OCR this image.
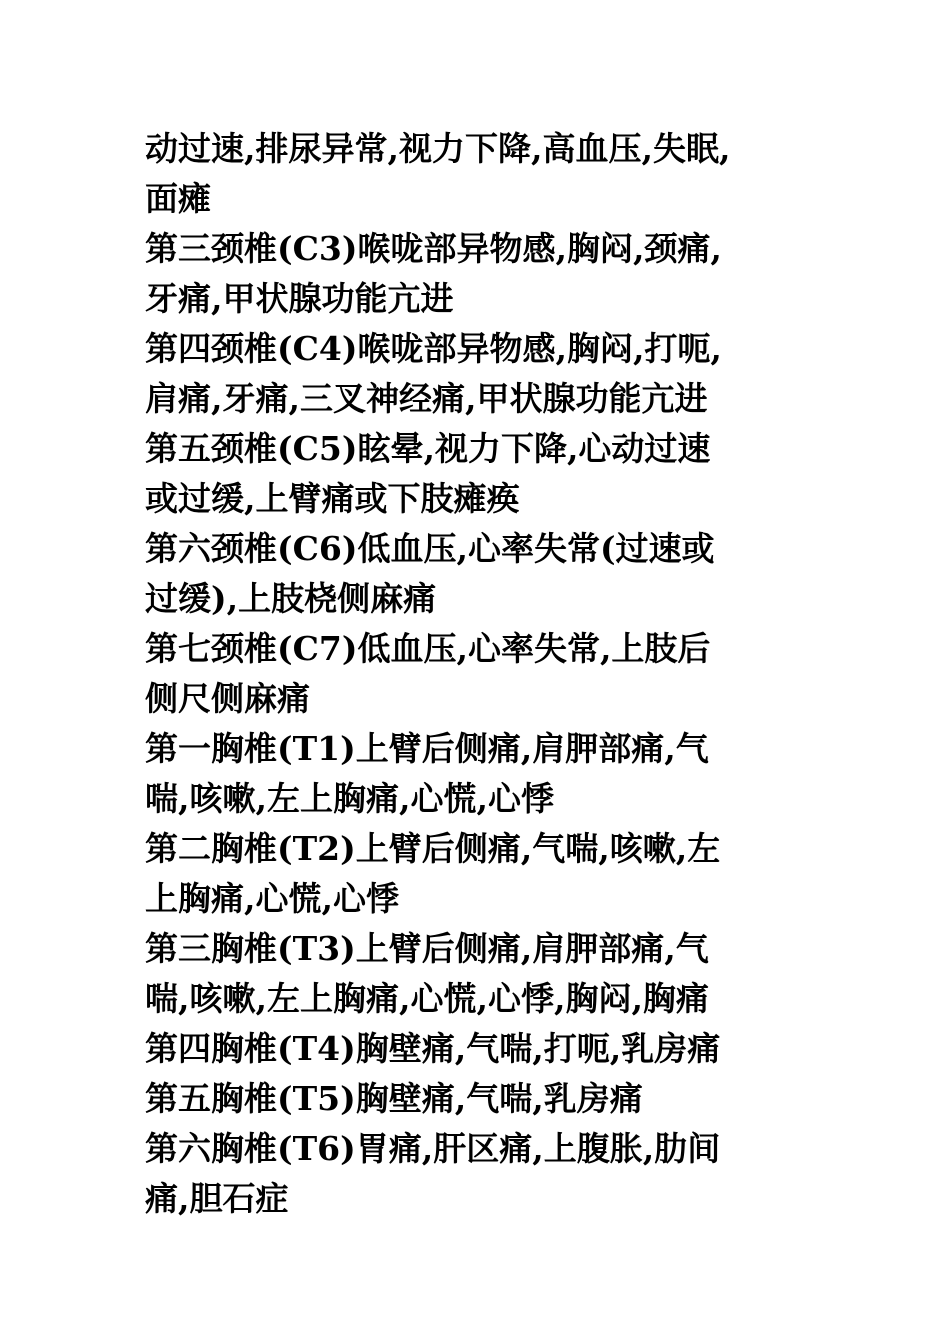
动过速,排尿异常,视力下降,高血压,失眠,
面瘫
第三颈椎(C3)喉咙部异物感,胸闷,颈痛,
牙痛,甲状腺功能亢进
第四颈椎(C4)喉咙部异物感,胸闷,打呃,
肩痛,牙痛,三叉神经痛,甲状腺功能亢进
第五颈椎(C5)眩晕,视力下降,心动过速
或过缓,上臂痛或下肢瘫痪
第六颈椎(C6)低血压,心率失常(过速或
过缓),上肢桡侧麻痛
第七颈椎(C7)低血压,心率失常,上肢后
侧尺侧麻痛
第一胸椎(T1)上臂后侧痛,肩胛部痛,气
喘,咳嗽,左上胸痛,心慌,心悸
第二胸椎(T2)上臂后侧痛,气喘,咳嗽,左
上胸痛,心慌,心悸
第三胸椎(T3)上臂后侧痛,肩胛部痛,气
喘,咳嗽,左上胸痛,心慌,心悸,胸闷,胸痛
第四胸椎(T4)胸壁痛,气喘,打呃,乳房痛
第五胸椎(T5)胸壁痛,气喘,乳房痛
第六胸椎(T6)胃痛,肝区痛,上腹胀,肋间
痛,胆石症
